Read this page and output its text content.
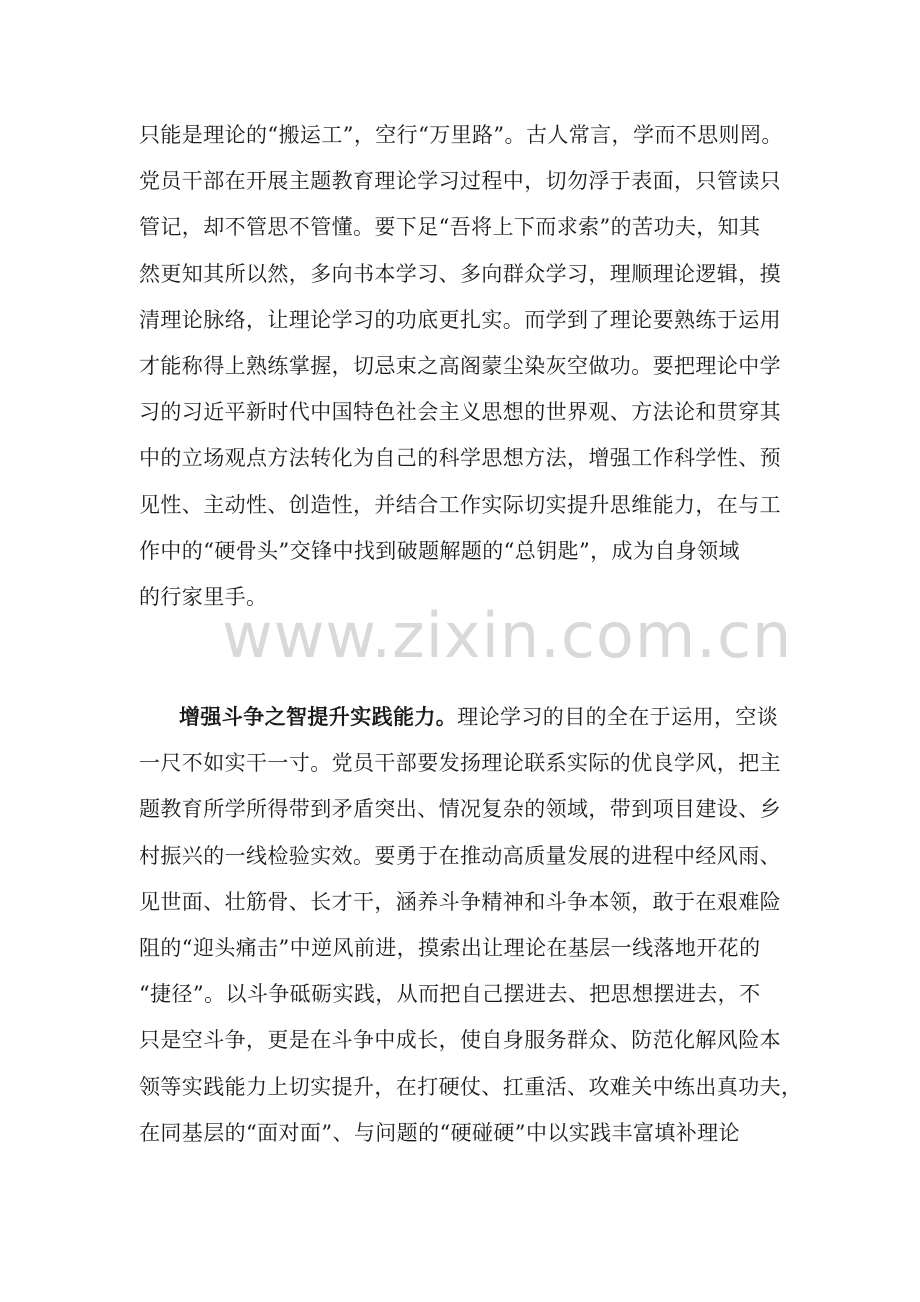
只能是理论的“搬运工”，空行“万里路”。古人常言，学而不思则罔。
党员干部在开展主题教育理论学习过程中，切勿浮于表面，只管读只
管记，却不管思不管懂。要下足“吾将上下而求索”的苦功夫，知其
然更知其所以然，多向书本学习、多向群众学习，理顺理论逻辑，摸
清理论脉络，让理论学习的功底更扎实。而学到了理论要熟练于运用
才能称得上熟练掌握，切忌束之高阁蒙尘染灰空做功。要把理论中学
习的习近平新时代中国特色社会主义思想的世界观、方法论和贯穿其
中的立场观点方法转化为自己的科学思想方法，增强工作科学性、预
见性、主动性、创造性，并结合工作实际切实提升思维能力，在与工
作中的“硬骨头”交锋中找到破题解题的“总钥匙”，成为自身领域
的行家里手。
www.zixin.com.cn
增强斗争之智提升实践能力。理论学习的目的全在于运用，空谈
一尺不如实干一寸。党员干部要发扬理论联系实际的优良学风，把主
题教育所学所得带到矛盾突出、情况复杂的领域，带到项目建设、乡
村振兴的一线检验实效。要勇于在推动高质量发展的进程中经风雨、
见世面、壮筋骨、长才干，涵养斗争精神和斗争本领，敢于在艰难险
阻的“迎头痛击”中逆风前进，摸索出让理论在基层一线落地开花的
“捷径”。以斗争砥砺实践，从而把自己摆进去、把思想摆进去，不
只是空斗争，更是在斗争中成长，使自身服务群众、防范化解风险本
领等实践能力上切实提升，在打硬仗、扛重活、攻难关中练出真功夫，
在同基层的“面对面”、与问题的“硬碰硬”中以实践丰富填补理论
